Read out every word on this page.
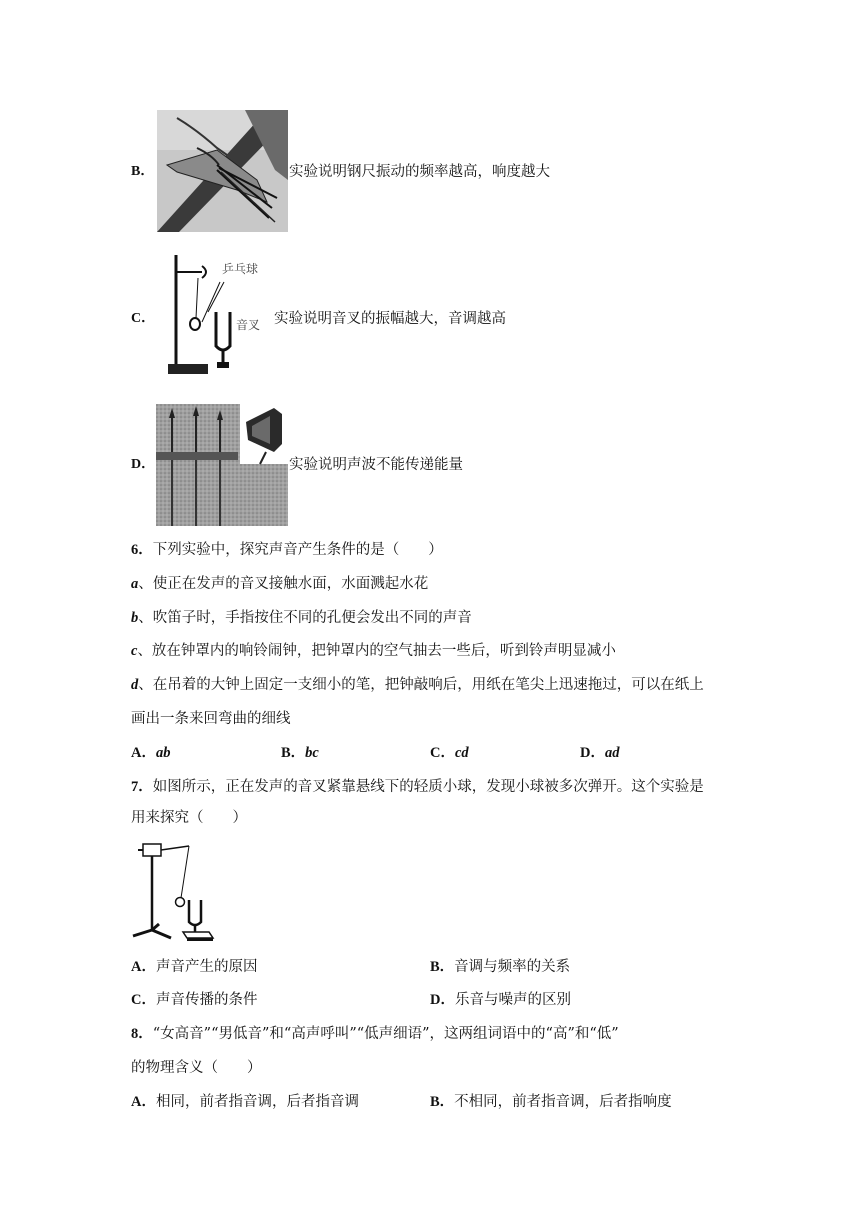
B．	实验说明钢尺振动的频率越高，响度越大
C．
乒乓球
音叉 实验说明音叉的振幅越大，音调越高
D．	实验说明声波不能传递能量
6．下列实验中，探究声音产生条件的是（　　）
a、使正在发声的音叉接触水面，水面溅起水花
b、吹笛子时，手指按住不同的孔便会发出不同的声音
c、放在钟罩内的响铃闹钟，把钟罩内的空气抽去一些后，听到铃声明显减小
d、在吊着的大钟上固定一支细小的笔，把钟敲响后，用纸在笔尖上迅速拖过，可以在纸上
画出一条来回弯曲的细线
A．ab	B．bc	C．cd	D．ad
7．如图所示，正在发声的音叉紧靠悬线下的轻质小球，发现小球被多次弹开。这个实验是
用来探究（　　）
A．声音产生的原因	B．音调与频率的关系
C．声音传播的条件	D．乐音与噪声的区别
8．“女高音”“男低音”和“高声呼叫”“低声细语”，这两组词语中的“高”和“低”
的物理含义（　　）
A．相同，前者指音调，后者指音调	B．不相同，前者指音调，后者指响度
